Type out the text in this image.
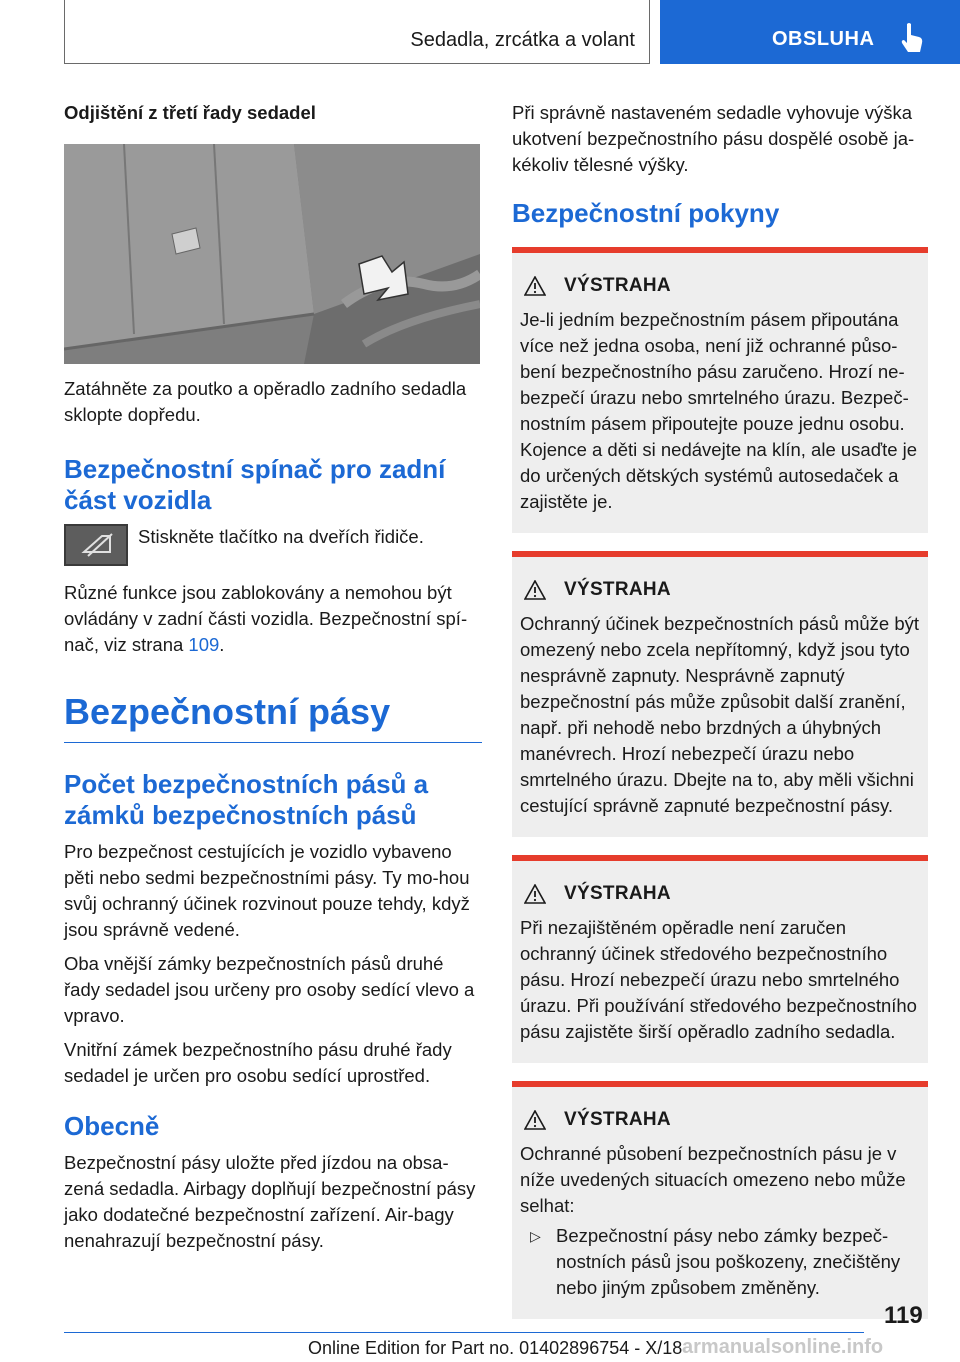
Sedadla, zrcátka a volant	OBSLUHA
Odjištění z třetí řady sedadel

Zatáhněte za poutko a opěradlo zadního sedadla sklopte dopředu.

Bezpečnostní spínač pro zadní část vozidla

Stiskněte tlačítko na dveřích řidiče.

Různé funkce jsou zablokovány a nemohou být ovládány v zadní části vozidla. Bezpečnostní spí‐nač, viz strana 109.

Bezpečnostní pásy
Počet bezpečnostních pásů a zámků bezpečnostních pásů

Pro bezpečnost cestujících je vozidlo vybaveno pěti nebo sedmi bezpečnostními pásy. Ty mo‐hou svůj ochranný účinek rozvinout pouze tehdy, když jsou správně vedené.

Oba vnější zámky bezpečnostních pásů druhé řady sedadel jsou určeny pro osoby sedící vlevo a vpravo.

Vnitřní zámek bezpečnostního pásu druhé řady sedadel je určen pro osobu sedící uprostřed.

Obecně

Bezpečnostní pásy uložte před jízdou na obsa‐zená sedadla. Airbagy doplňují bezpečnostní pásy jako dodatečné bezpečnostní zařízení. Air‐bagy nenahrazují bezpečnostní pásy.

Při správně nastaveném sedadle vyhovuje výška ukotvení bezpečnostního pásu dospělé osobě ja‐kékoliv tělesné výšky.

Bezpečnostní pokyny
VÝSTRAHA

Je-li jedním bezpečnostním pásem připoutána více než jedna osoba, není již ochranné půso‐bení bezpečnostního pásu zaručeno. Hrozí ne‐bezpečí úrazu nebo smrtelného úrazu. Bezpeč‐nostním pásem připoutejte pouze jednu osobu. Kojence a děti si nedávejte na klín, ale usaďte je do určených dětských systémů autosedaček a zajistěte je.

VÝSTRAHA

Ochranný účinek bezpečnostních pásů může být omezený nebo zcela nepřítomný, když jsou tyto nesprávně zapnuty. Nesprávně zapnutý bezpečnostní pás může způsobit další zranění, např. při nehodě nebo brzdných a úhybných manévrech. Hrozí nebezpečí úrazu nebo smrtelného úrazu. Dbejte na to, aby měli všichni cestující správně zapnuté bezpečnostní pásy.

VÝSTRAHA

Při nezajištěném opěradle není zaručen ochranný účinek středového bezpečnostního pásu. Hrozí nebezpečí úrazu nebo smrtelného úrazu. Při používání středového bezpečnostního pásu zajistěte širší opěradlo zadního sedadla.

VÝSTRAHA

Ochranné působení bezpečnostních pásu je v níže uvedených situacích omezeno nebo může selhat:

▷ Bezpečnostní pásy nebo zámky bezpeč‐nostních pásů jsou poškozeny, znečištěny nebo jiným způsobem změněny.
119
Online Edition for Part no. 01402896754 - X/18 armanualsonline.info
